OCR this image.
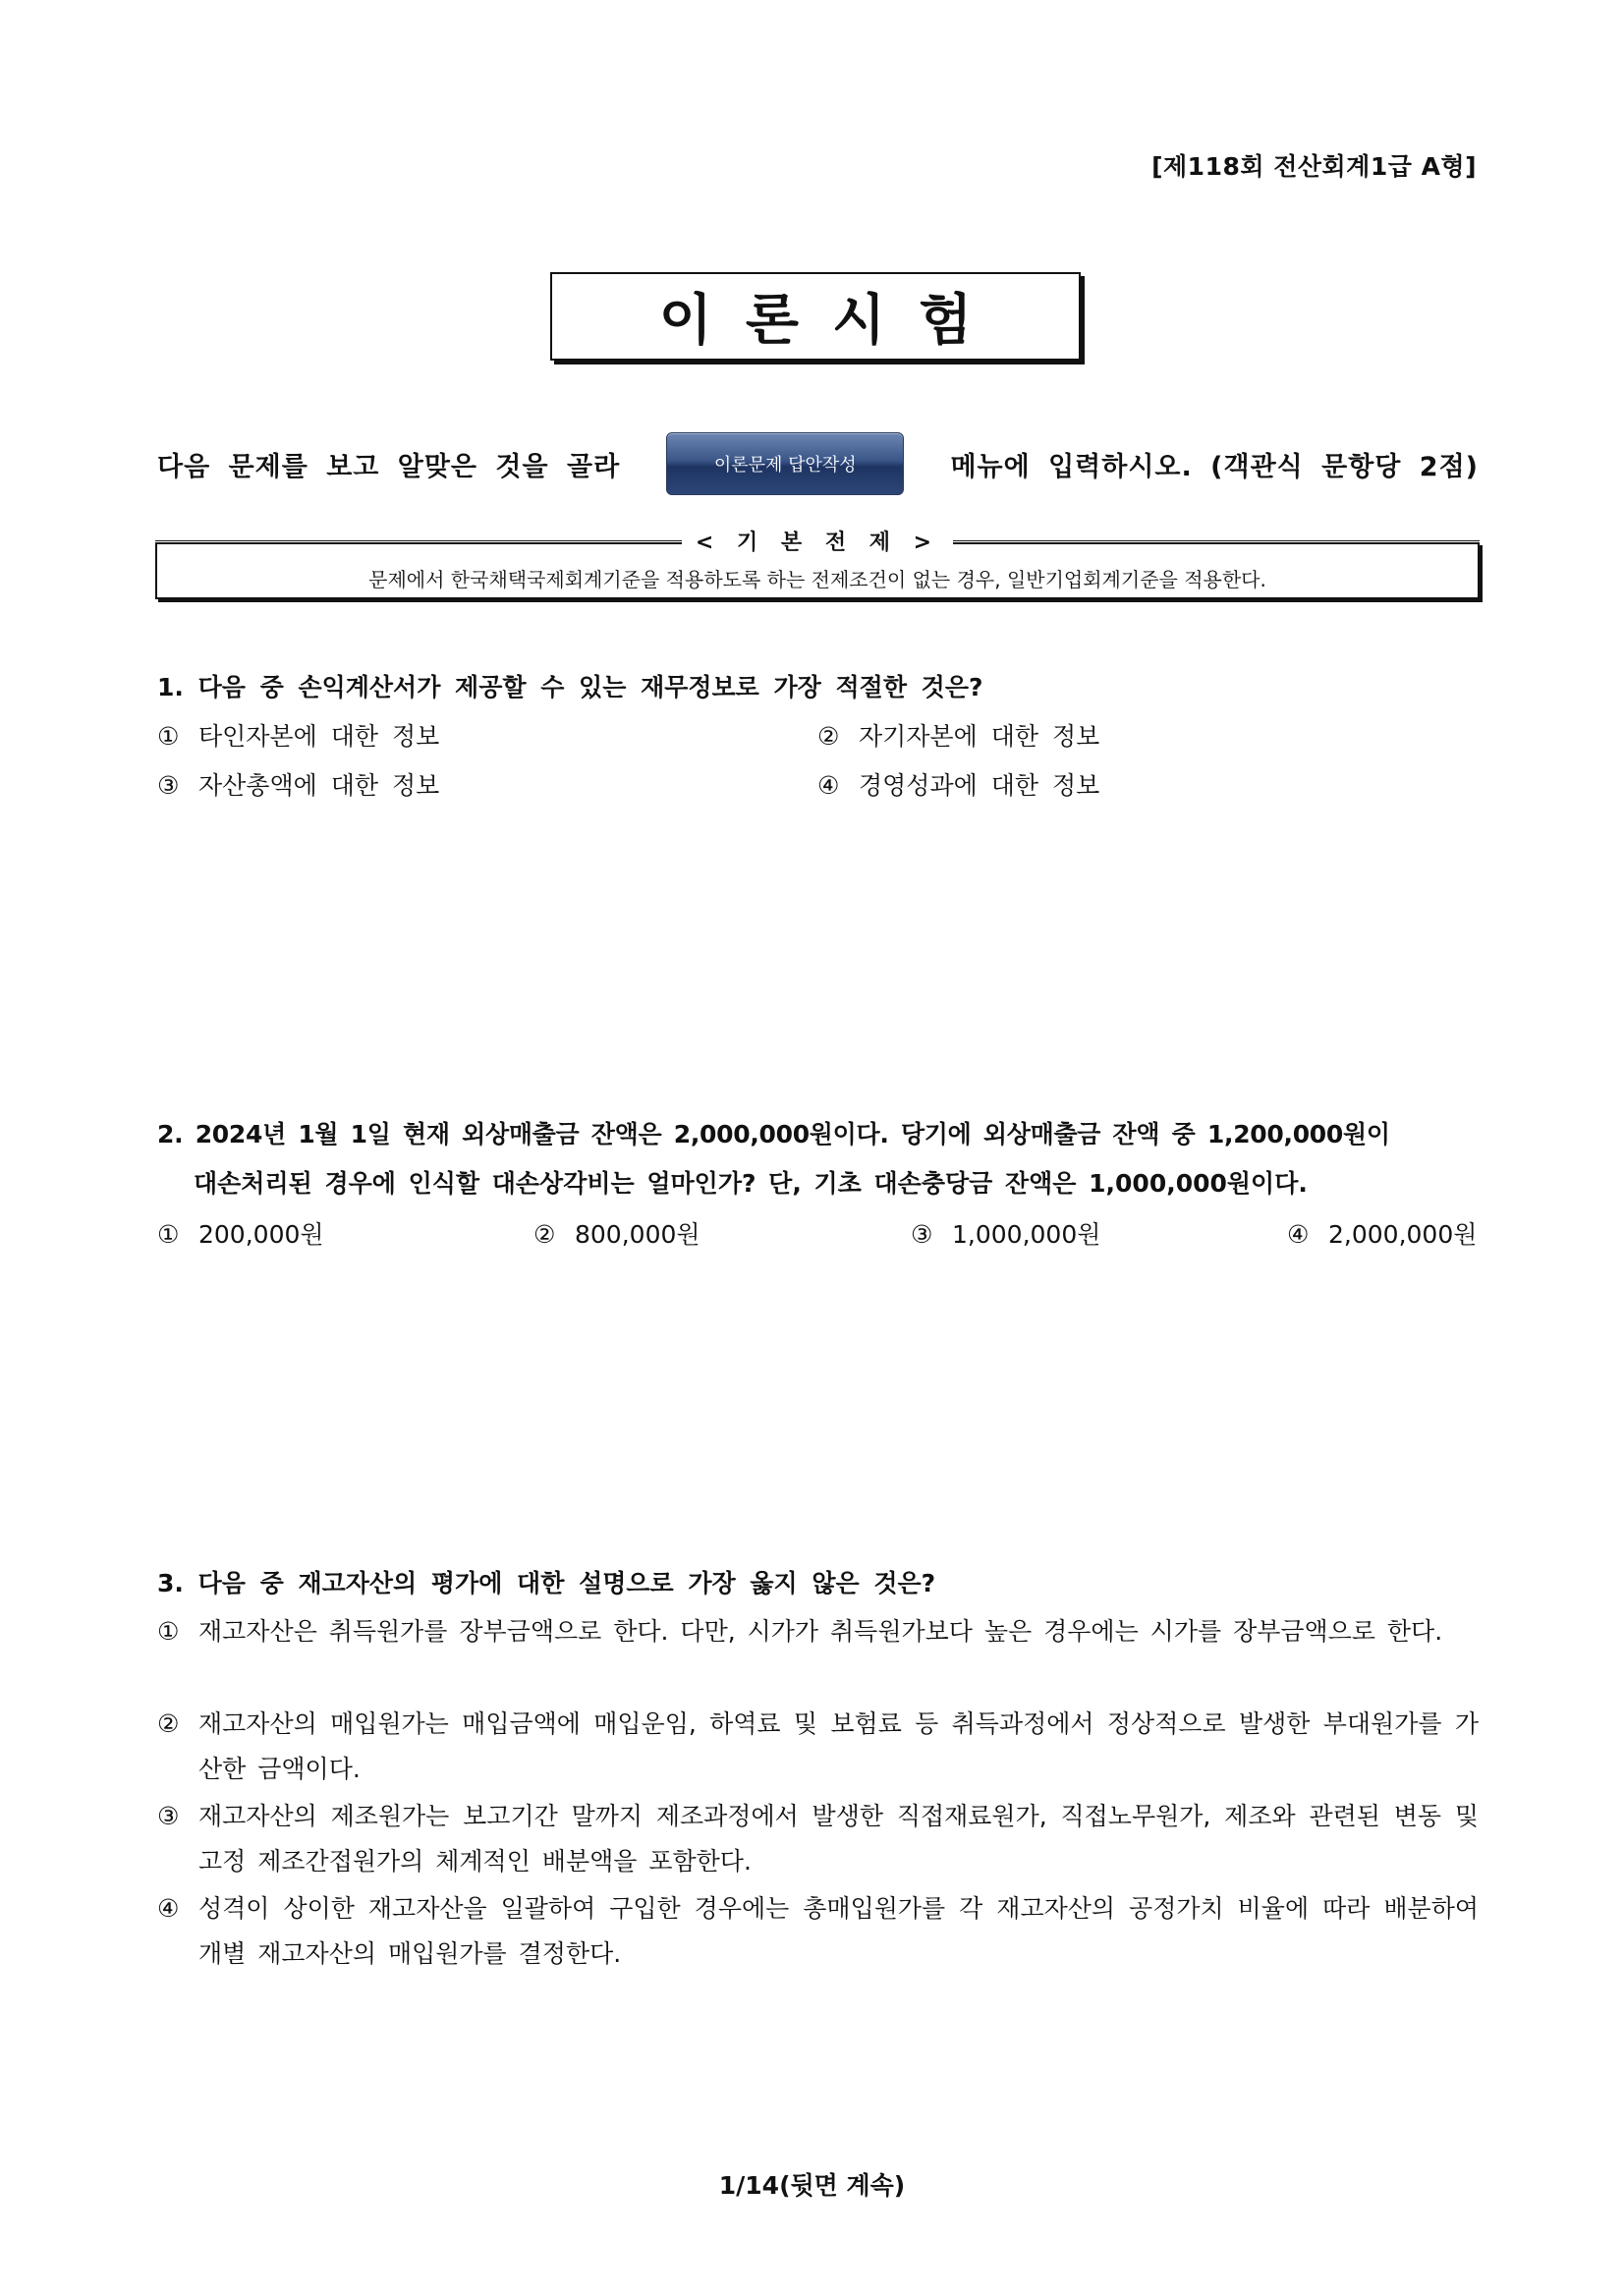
[제118회 전산회계1급 A형]
이론시험
다음 문제를 보고 알맞은 것을 골라	이론문제 답안작성	메뉴에 입력하시오. (객관식 문항당 2점)
문제에서 한국채택국제회계기준을 적용하도록 하는 전제조건이 없는 경우, 일반기업회계기준을 적용한다.
< 기 본 전 제 >
1. 다음 중 손익계산서가 제공할 수 있는 재무정보로 가장 적절한 것은?
① 타인자본에 대한 정보	② 자기자본에 대한 정보
③ 자산총액에 대한 정보	④ 경영성과에 대한 정보
2. 2024년 1월 1일 현재 외상매출금 잔액은 2,000,000원이다. 당기에 외상매출금 잔액 중 1,200,000원이
대손처리된 경우에 인식할 대손상각비는 얼마인가? 단, 기초 대손충당금 잔액은 1,000,000원이다.
① 200,000원	② 800,000원	③ 1,000,000원	④ 2,000,000원
3. 다음 중 재고자산의 평가에 대한 설명으로 가장 옳지 않은 것은?
① 재고자산은 취득원가를 장부금액으로 한다. 다만, 시가가 취득원가보다 높은 경우에는 시가를 장부금액으로 한다.
② 재고자산의 매입원가는 매입금액에 매입운임, 하역료 및 보험료 등 취득과정에서 정상적으로 발생한 부대원가를 가산한 금액이다.
③ 재고자산의 제조원가는 보고기간 말까지 제조과정에서 발생한 직접재료원가, 직접노무원가, 제조와 관련된 변동 및 고정 제조간접원가의 체계적인 배분액을 포함한다.
④ 성격이 상이한 재고자산을 일괄하여 구입한 경우에는 총매입원가를 각 재고자산의 공정가치 비율에 따라 배분하여 개별 재고자산의 매입원가를 결정한다.
1/14(뒷면 계속)
